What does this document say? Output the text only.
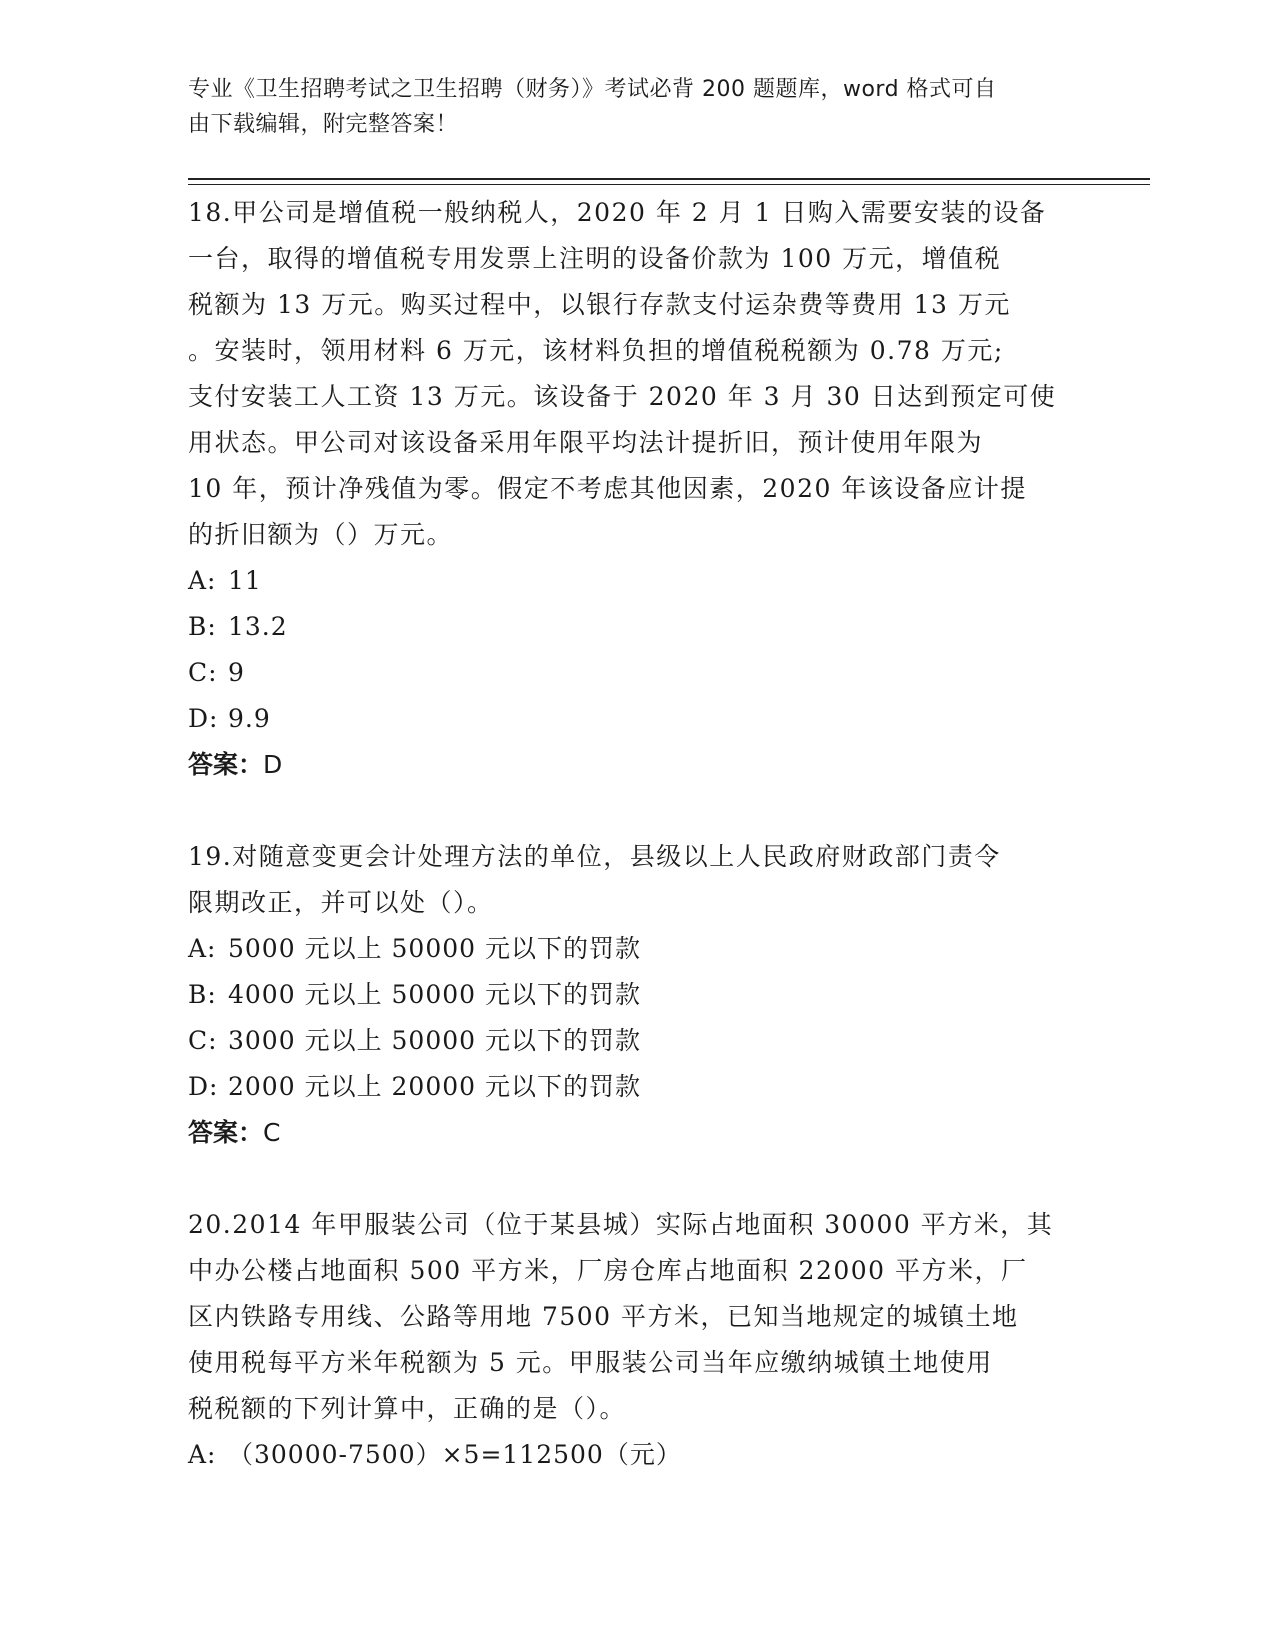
专业《卫生招聘考试之卫生招聘（财务）》考试必背 200 题题库，word 格式可自
由下载编辑，附完整答案！
18.甲公司是增值税一般纳税人，2020 年 2 月 1 日购入需要安装的设备
一台，取得的增值税专用发票上注明的设备价款为 100 万元，增值税
税额为 13 万元。购买过程中，以银行存款支付运杂费等费用 13 万元
。安装时，领用材料 6 万元，该材料负担的增值税税额为 0.78 万元;
支付安装工人工资 13 万元。该设备于 2020 年 3 月 30 日达到预定可使
用状态。甲公司对该设备采用年限平均法计提折旧，预计使用年限为
10 年，预计净残值为零。假定不考虑其他因素，2020 年该设备应计提
的折旧额为（）万元。
A: 11
B: 13.2
C: 9
D: 9.9
答案：D
19.对随意变更会计处理方法的单位，县级以上人民政府财政部门责令
限期改正，并可以处（）。
A: 5000 元以上 50000 元以下的罚款
B: 4000 元以上 50000 元以下的罚款
C: 3000 元以上 50000 元以下的罚款
D: 2000 元以上 20000 元以下的罚款
答案：C
20.2014 年甲服装公司（位于某县城）实际占地面积 30000 平方米，其
中办公楼占地面积 500 平方米，厂房仓库占地面积 22000 平方米，厂
区内铁路专用线、公路等用地 7500 平方米，已知当地规定的城镇土地
使用税每平方米年税额为 5 元。甲服装公司当年应缴纳城镇土地使用
税税额的下列计算中，正确的是（）。
A: （30000-7500）×5=112500（元）
